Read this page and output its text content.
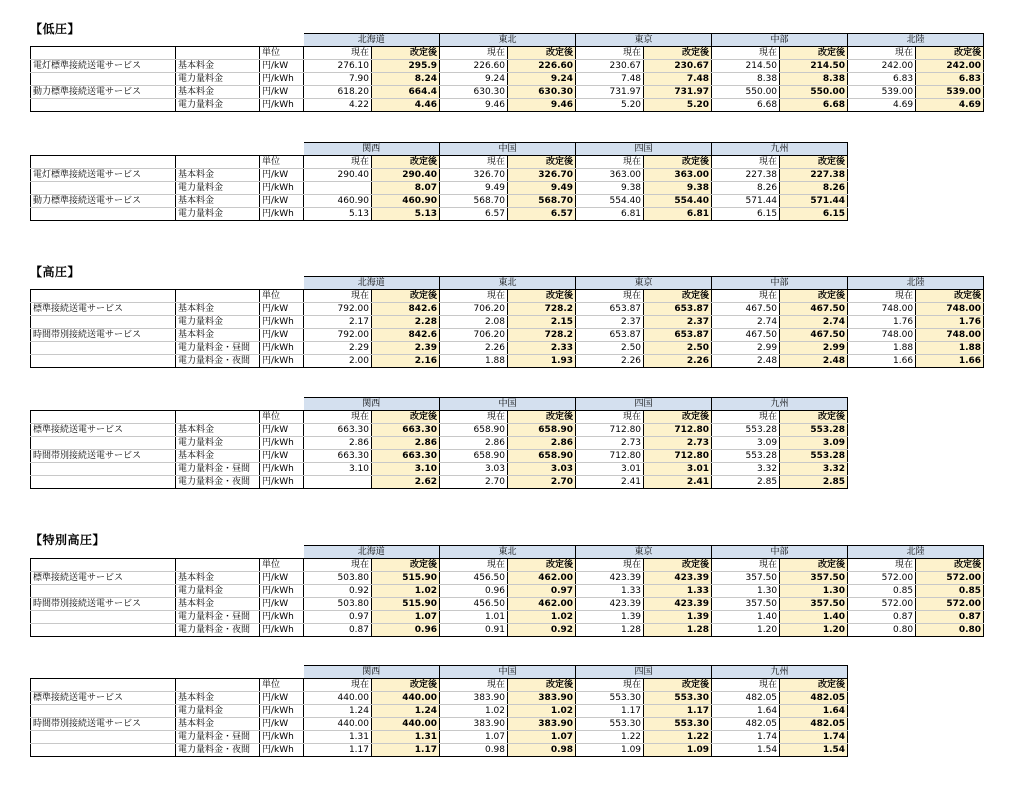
【低圧】
			北海道		東北		東京		中部		北陸	
		単位	現在	改定後	現在	改定後	現在	改定後	現在	改定後	現在	改定後
電灯標準接続送電サービス	基本料金	円/kW	276.10	295.9	226.60	226.60	230.67	230.67	214.50	214.50	242.00	242.00
	電力量料金	円/kWh	7.90	8.24	9.24	9.24	7.48	7.48	8.38	8.38	6.83	6.83
動力標準接続送電サービス	基本料金	円/kW	618.20	664.4	630.30	630.30	731.97	731.97	550.00	550.00	539.00	539.00
	電力量料金	円/kWh	4.22	4.46	9.46	9.46	5.20	5.20	6.68	6.68	4.69	4.69
			関西		中国		四国		九州	
		単位	現在	改定後	現在	改定後	現在	改定後	現在	改定後
電灯標準接続送電サービス	基本料金	円/kW	290.40	290.40	326.70	326.70	363.00	363.00	227.38	227.38
	電力量料金	円/kWh		8.07	9.49	9.49	9.38	9.38	8.26	8.26
動力標準接続送電サービス	基本料金	円/kW	460.90	460.90	568.70	568.70	554.40	554.40	571.44	571.44
	電力量料金	円/kWh	5.13	5.13	6.57	6.57	6.81	6.81	6.15	6.15
【高圧】
			北海道		東北		東京		中部		北陸	
		単位	現在	改定後	現在	改定後	現在	改定後	現在	改定後	現在	改定後
標準接続送電サービス	基本料金	円/kW	792.00	842.6	706.20	728.2	653.87	653.87	467.50	467.50	748.00	748.00
	電力量料金	円/kWh	2.17	2.28	2.08	2.15	2.37	2.37	2.74	2.74	1.76	1.76
時間帯別接続送電サービス	基本料金	円/kW	792.00	842.6	706.20	728.2	653.87	653.87	467.50	467.50	748.00	748.00
	電力量料金・昼間	円/kWh	2.29	2.39	2.26	2.33	2.50	2.50	2.99	2.99	1.88	1.88
	電力量料金・夜間	円/kWh	2.00	2.16	1.88	1.93	2.26	2.26	2.48	2.48	1.66	1.66
			関西		中国		四国		九州	
		単位	現在	改定後	現在	改定後	現在	改定後	現在	改定後
標準接続送電サービス	基本料金	円/kW	663.30	663.30	658.90	658.90	712.80	712.80	553.28	553.28
	電力量料金	円/kWh	2.86	2.86	2.86	2.86	2.73	2.73	3.09	3.09
時間帯別接続送電サービス	基本料金	円/kW	663.30	663.30	658.90	658.90	712.80	712.80	553.28	553.28
	電力量料金・昼間	円/kWh	3.10	3.10	3.03	3.03	3.01	3.01	3.32	3.32
	電力量料金・夜間	円/kWh		2.62	2.70	2.70	2.41	2.41	2.85	2.85
【特別高圧】
			北海道		東北		東京		中部		北陸	
		単位	現在	改定後	現在	改定後	現在	改定後	現在	改定後	現在	改定後
標準接続送電サービス	基本料金	円/kW	503.80	515.90	456.50	462.00	423.39	423.39	357.50	357.50	572.00	572.00
	電力量料金	円/kWh	0.92	1.02	0.96	0.97	1.33	1.33	1.30	1.30	0.85	0.85
時間帯別接続送電サービス	基本料金	円/kW	503.80	515.90	456.50	462.00	423.39	423.39	357.50	357.50	572.00	572.00
	電力量料金・昼間	円/kWh	0.97	1.07	1.01	1.02	1.39	1.39	1.40	1.40	0.87	0.87
	電力量料金・夜間	円/kWh	0.87	0.96	0.91	0.92	1.28	1.28	1.20	1.20	0.80	0.80
			関西		中国		四国		九州	
		単位	現在	改定後	現在	改定後	現在	改定後	現在	改定後
標準接続送電サービス	基本料金	円/kW	440.00	440.00	383.90	383.90	553.30	553.30	482.05	482.05
	電力量料金	円/kWh	1.24	1.24	1.02	1.02	1.17	1.17	1.64	1.64
時間帯別接続送電サービス	基本料金	円/kW	440.00	440.00	383.90	383.90	553.30	553.30	482.05	482.05
	電力量料金・昼間	円/kWh	1.31	1.31	1.07	1.07	1.22	1.22	1.74	1.74
	電力量料金・夜間	円/kWh	1.17	1.17	0.98	0.98	1.09	1.09	1.54	1.54
